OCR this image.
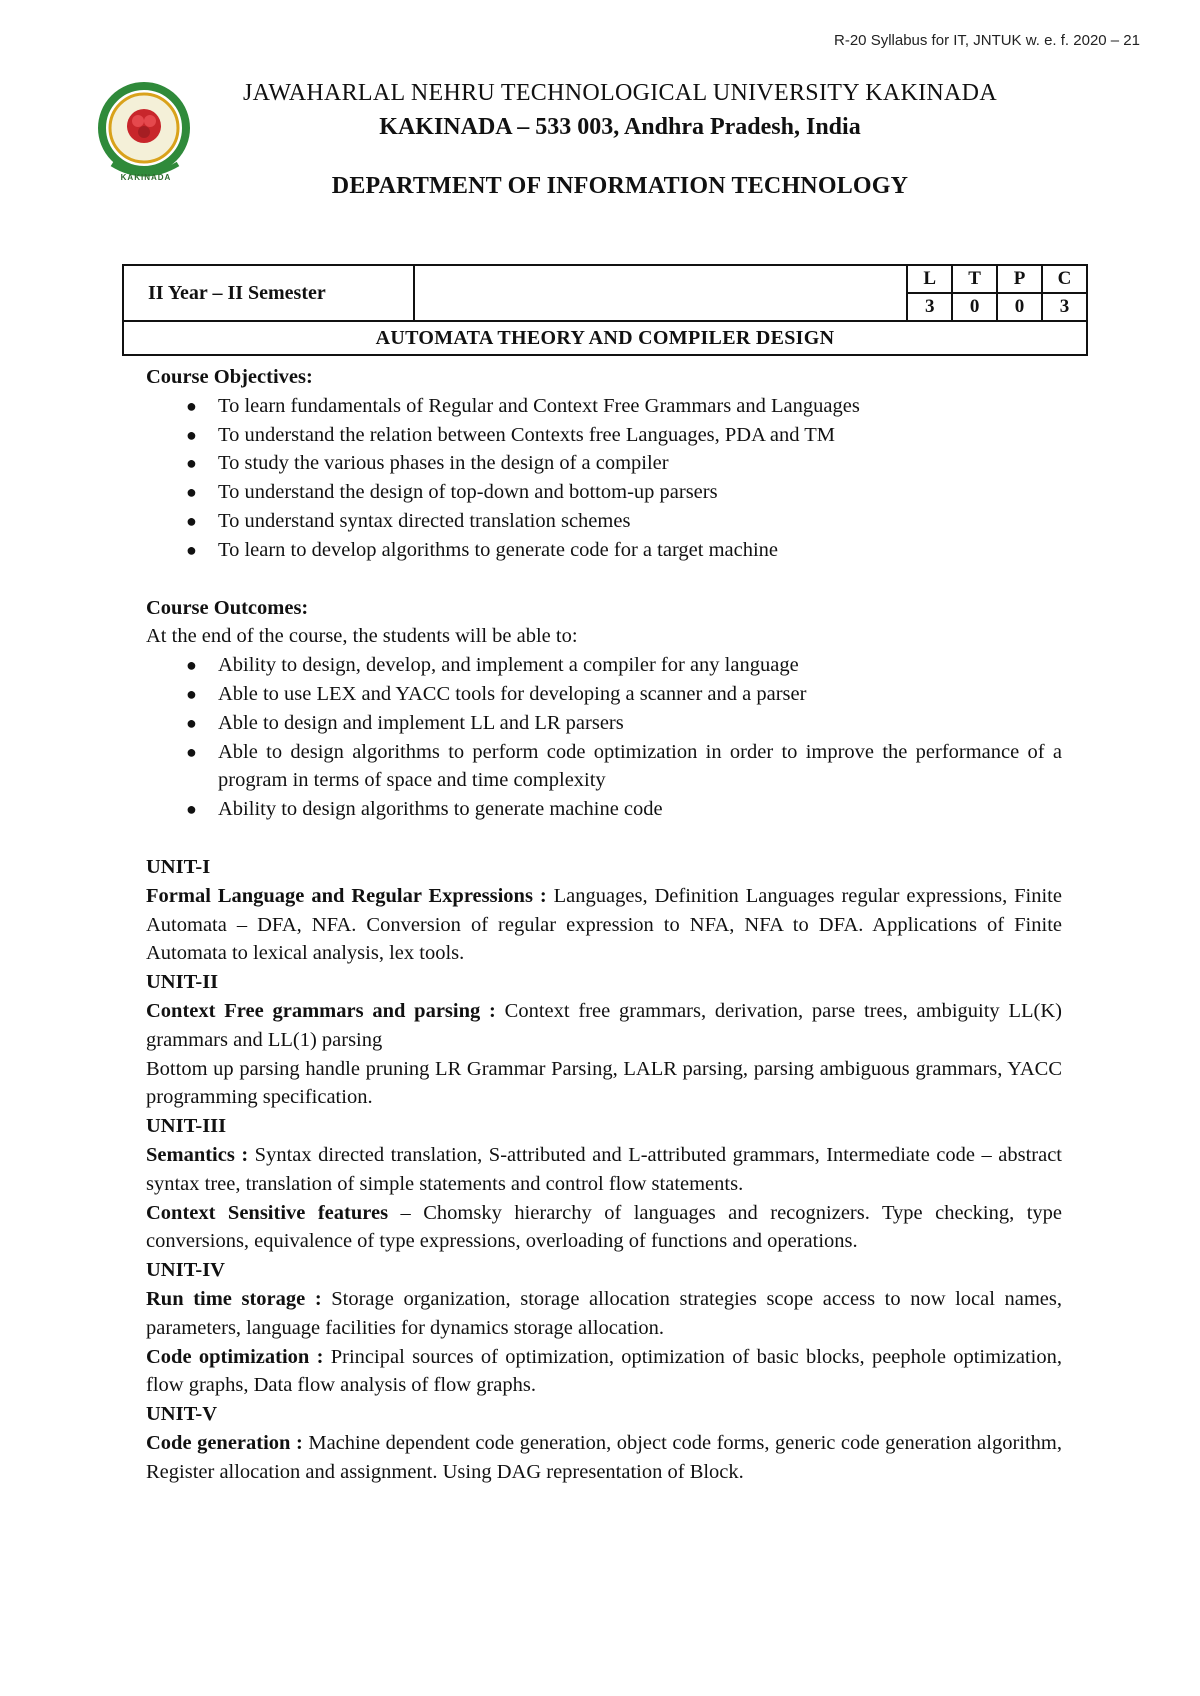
R-20 Syllabus for IT, JNTUK w. e. f. 2020 – 21
KAKINADA
JAWAHARLAL NEHRU TECHNOLOGICAL UNIVERSITY KAKINADA
KAKINADA – 533 003, Andhra Pradesh, India
DEPARTMENT OF INFORMATION TECHNOLOGY
II Year – II Semester		L	T	P	C
		3	0	0	3
AUTOMATA THEORY AND COMPILER DESIGN					

Course Objectives:

● To learn fundamentals of Regular and Context Free Grammars and Languages
● To understand the relation between Contexts free Languages, PDA and TM
● To study the various phases in the design of a compiler
● To understand the design of top-down and bottom-up parsers
● To understand syntax directed translation schemes
● To learn to develop algorithms to generate code for a target machine

Course Outcomes:

At the end of the course, the students will be able to:

● Ability to design, develop, and implement a compiler for any language
● Able to use LEX and YACC tools for developing a scanner and a parser
● Able to design and implement LL and LR parsers
● Able to design algorithms to perform code optimization in order to improve the performance of a program in terms of space and time complexity
● Ability to design algorithms to generate machine code

UNIT-I

Formal Language and Regular Expressions : Languages, Definition Languages regular expressions, Finite Automata – DFA, NFA. Conversion of regular expression to NFA, NFA to DFA. Applications of Finite Automata to lexical analysis, lex tools.

UNIT-II

Context Free grammars and parsing : Context free grammars, derivation, parse trees, ambiguity LL(K) grammars and LL(1) parsing

Bottom up parsing handle pruning LR Grammar Parsing, LALR parsing, parsing ambiguous grammars, YACC programming specification.

UNIT-III

Semantics : Syntax directed translation, S-attributed and L-attributed grammars, Intermediate code – abstract syntax tree, translation of simple statements and control flow statements.

Context Sensitive features – Chomsky hierarchy of languages and recognizers. Type checking, type conversions, equivalence of type expressions, overloading of functions and operations.

UNIT-IV

Run time storage : Storage organization, storage allocation strategies scope access to now local names, parameters, language facilities for dynamics storage allocation.

Code optimization : Principal sources of optimization, optimization of basic blocks, peephole optimization, flow graphs, Data flow analysis of flow graphs.

UNIT-V

Code generation : Machine dependent code generation, object code forms, generic code generation algorithm, Register allocation and assignment. Using DAG representation of Block.
